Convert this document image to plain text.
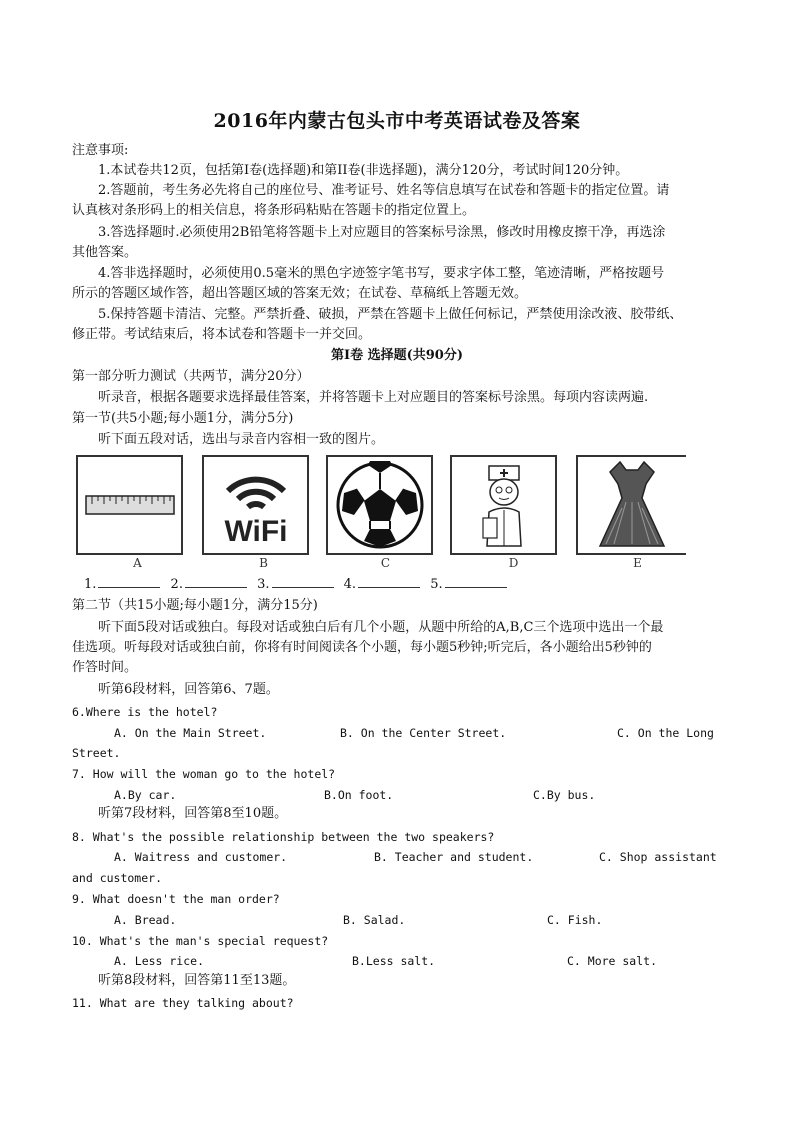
2016年内蒙古包头市中考英语试卷及答案
注意事项:
1.本试卷共12页，包括第Ⅰ卷(选择题)和第II卷(非选择题)，满分120分，考试时间120分钟。
2.答题前，考生务必先将自己的座位号、准考证号、姓名等信息填写在试卷和答题卡的指定位置。请
认真核对条形码上的相关信息，将条形码粘贴在答题卡的指定位置上。
3.答选择题时.必须使用2B铅笔将答题卡上对应题目的答案标号涂黑，修改时用橡皮擦干净，再选涂
其他答案。
4.答非选择题时，必须使用0.5毫米的黑色字迹签字笔书写，要求字体工整，笔迹清晰，严格按题号
所示的答题区域作答，超出答题区域的答案无效；在试卷、草稿纸上答题无效。
5.保持答题卡清洁、完整。严禁折叠、破损，严禁在答题卡上做任何标记，严禁使用涂改液、胶带纸、
修正带。考试结束后，将本试卷和答题卡一并交回。
第Ⅰ卷 选择题(共90分)
第一部分听力测试（共两节，满分20分）
听录音，根据各题要求选择最佳答案，并将答题卡上对应题目的答案标号涂黑。每项内容读两遍.
第一节(共5小题;每小题1分，满分5分)
听下面五段对话，选出与录音内容相一致的图片。
WiFi
A	B	C	D	E
1.	2.	3.	4.	5.
第二节（共15小题;每小题1分，满分15分)
听下面5段对话或独白。每段对话或独白后有几个小题，从题中所给的A,B,C三个选项中选出一个最
佳选项。听每段对话或独白前，你将有时间阅读各个小题，每小题5秒钟;听完后，各小题给出5秒钟的
作答时间。
听第6段材料，回答第6、7题。
6.Where is the hotel?
A. On the Main Street.	B. On the Center Street.	C. On the Long
Street.
7. How will the woman go to the hotel?
A.By car.	B.On foot.	C.By bus.
听第7段材料，回答第8至10题。
8. What's the possible relationship between the two speakers?
A. Waitress and customer.	B. Teacher and student.	C. Shop assistant
and customer.
9. What doesn't the man order?
A. Bread.	B. Salad.	C. Fish.
10. What's the man's special request?
A. Less rice.	B.Less salt.	C. More salt.
听第8段材料，回答第11至13题。
11. What are they talking about?
